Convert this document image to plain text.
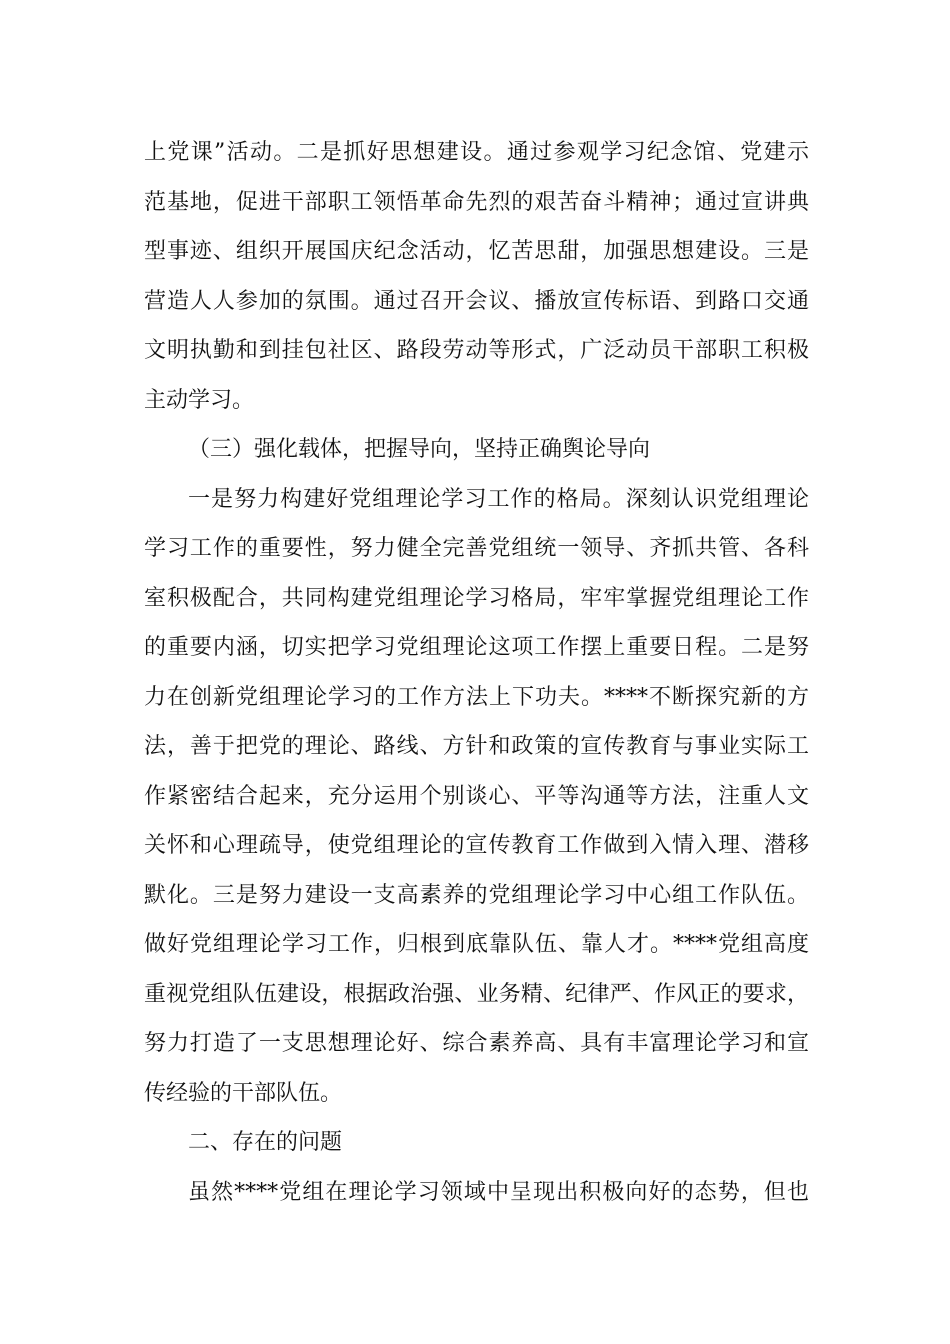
上党课”活动。二是抓好思想建设。通过参观学习纪念馆、党建示
范基地，促进干部职工领悟革命先烈的艰苦奋斗精神；通过宣讲典
型事迹、组织开展国庆纪念活动，忆苦思甜，加强思想建设。三是
营造人人参加的氛围。通过召开会议、播放宣传标语、到路口交通
文明执勤和到挂包社区、路段劳动等形式，广泛动员干部职工积极
主动学习。
（三）强化载体，把握导向，坚持正确舆论导向
一是努力构建好党组理论学习工作的格局。深刻认识党组理论
学习工作的重要性，努力健全完善党组统一领导、齐抓共管、各科
室积极配合，共同构建党组理论学习格局，牢牢掌握党组理论工作
的重要内涵，切实把学习党组理论这项工作摆上重要日程。二是努
力在创新党组理论学习的工作方法上下功夫。****不断探究新的方
法，善于把党的理论、路线、方针和政策的宣传教育与事业实际工
作紧密结合起来，充分运用个别谈心、平等沟通等方法，注重人文
关怀和心理疏导，使党组理论的宣传教育工作做到入情入理、潜移
默化。三是努力建设一支高素养的党组理论学习中心组工作队伍。
做好党组理论学习工作，归根到底靠队伍、靠人才。****党组高度
重视党组队伍建设，根据政治强、业务精、纪律严、作风正的要求，
努力打造了一支思想理论好、综合素养高、具有丰富理论学习和宣
传经验的干部队伍。
二、存在的问题
虽然****党组在理论学习领域中呈现出积极向好的态势，但也
